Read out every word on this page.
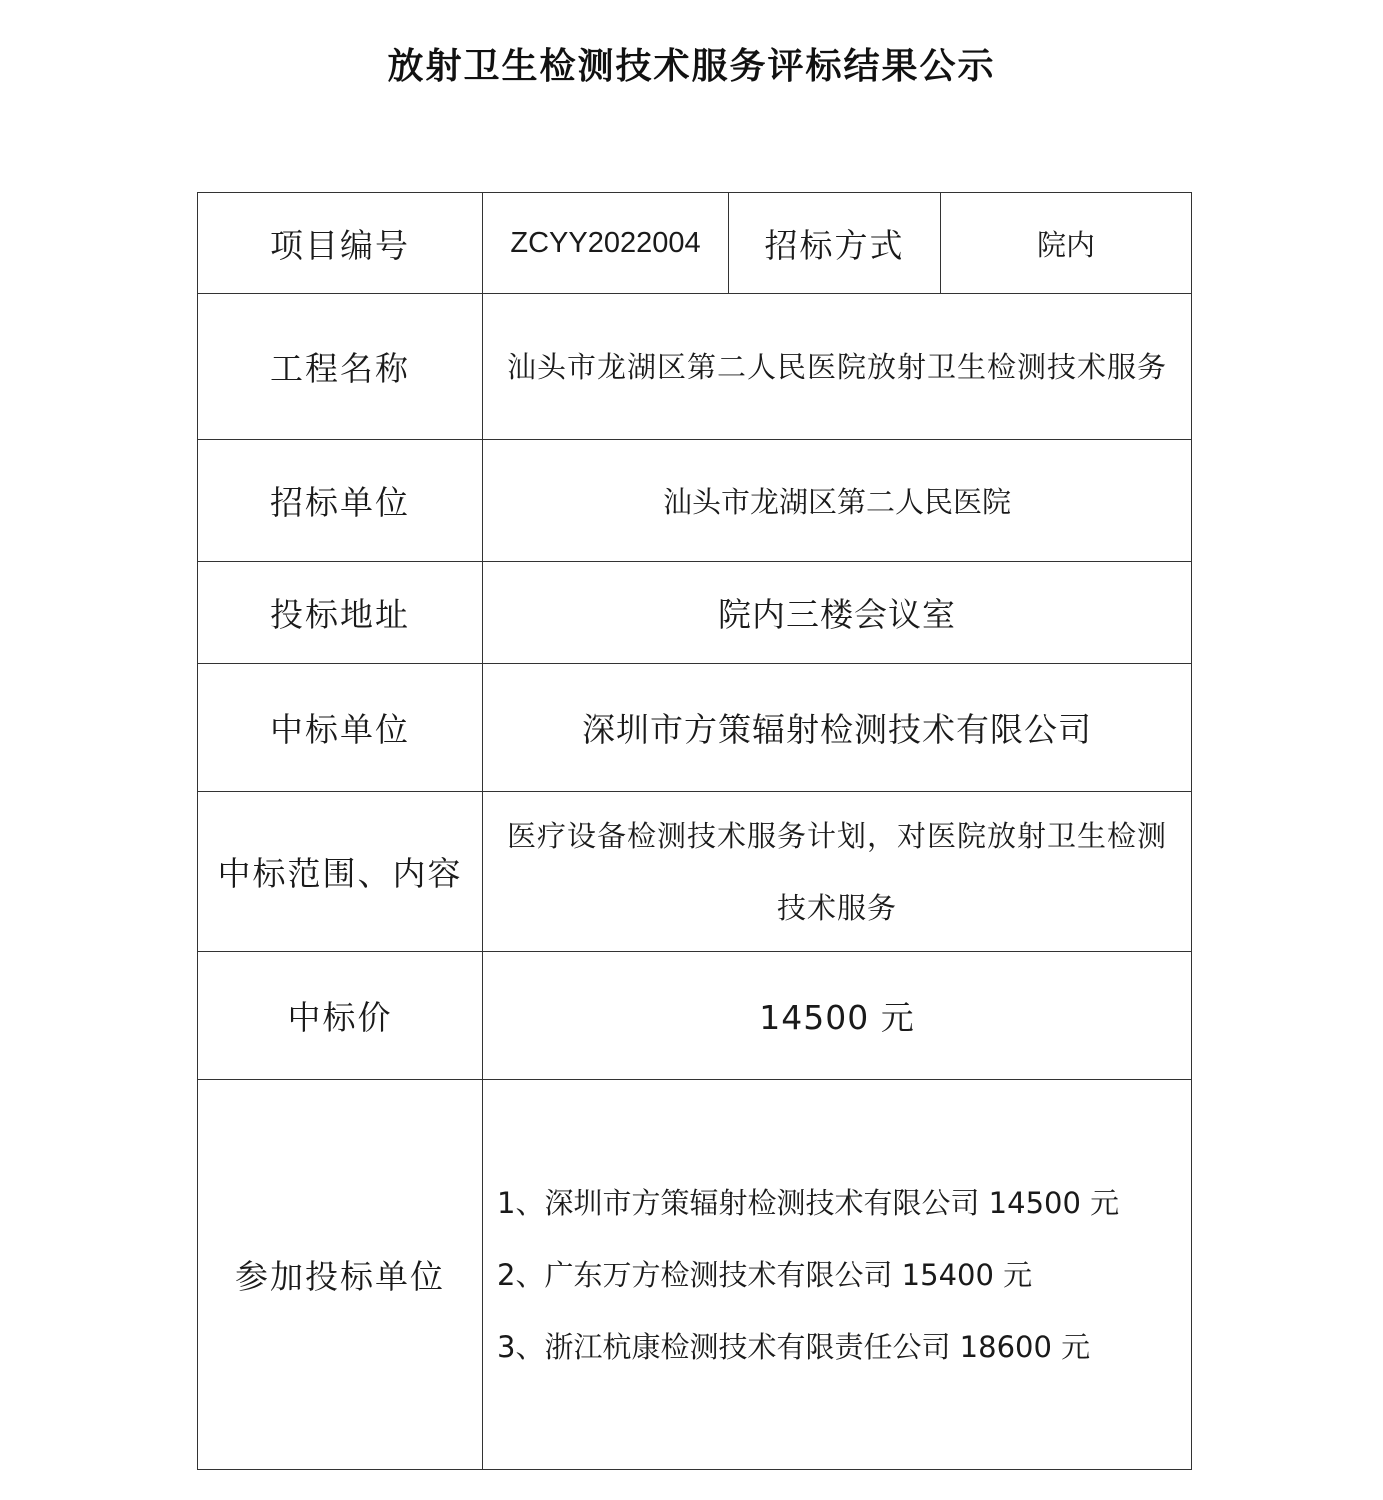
放射卫生检测技术服务评标结果公示
项目编号	ZCYY2022004	招标方式	院内
工程名称	汕头市龙湖区第二人民医院放射卫生检测技术服务		
招标单位	汕头市龙湖区第二人民医院		
投标地址	院内三楼会议室		
中标单位	深圳市方策辐射检测技术有限公司		
中标范围、内容	医疗设备检测技术服务计划，对医院放射卫生检测技术服务		
中标价	14500 元		
参加投标单位	1、深圳市方策辐射检测技术有限公司 14500 元
2、广东万方检测技术有限公司 15400 元
3、浙江杭康检测技术有限责任公司 18600 元		
